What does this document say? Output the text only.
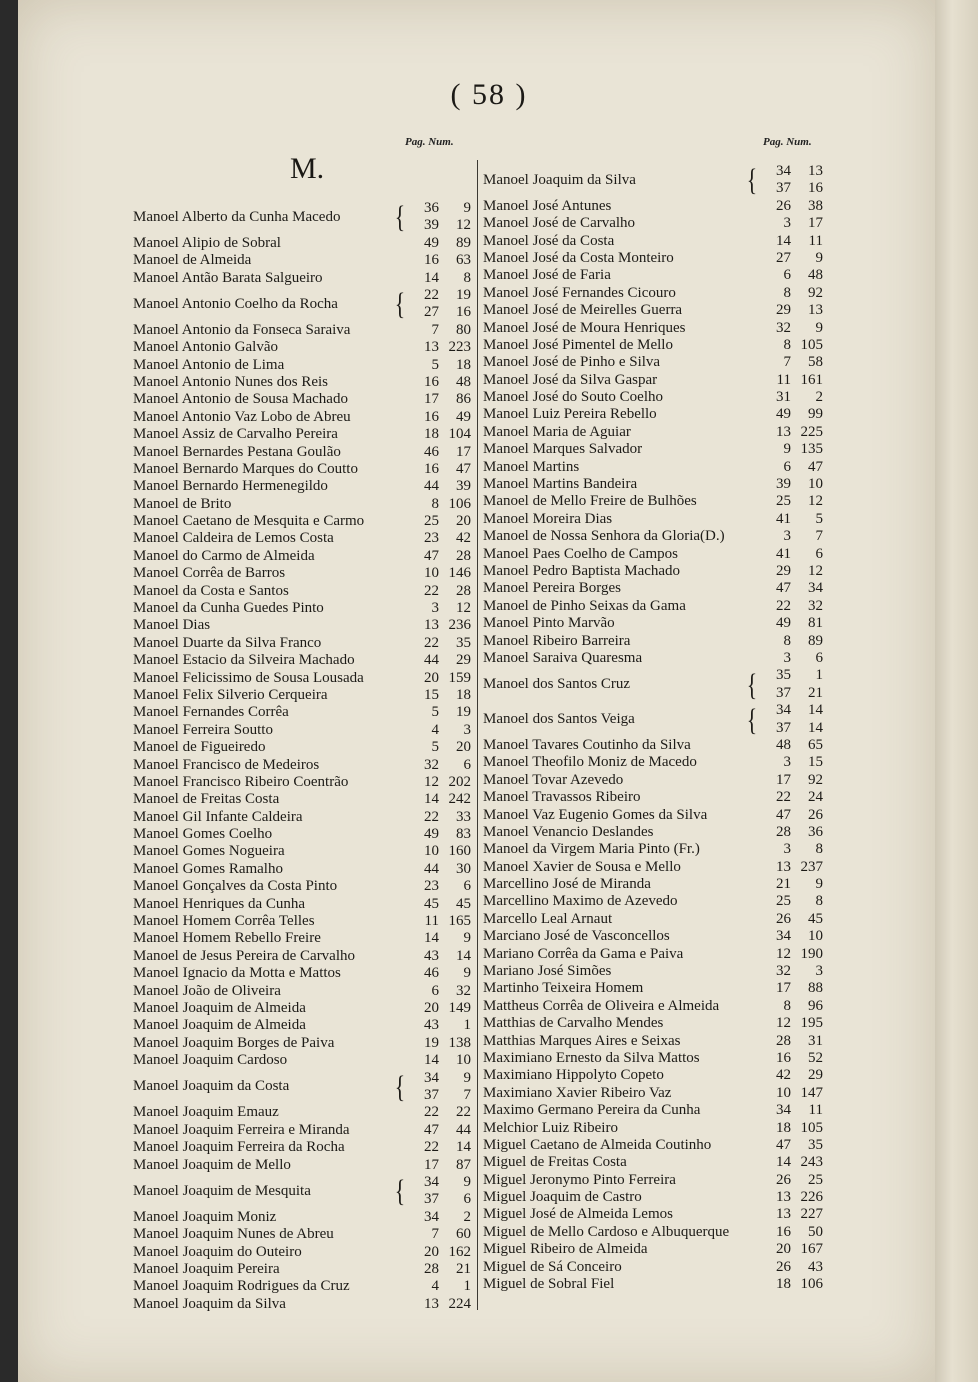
( 58 )
Pag. Num.	Pag. Num.
M.
Manoel Alberto da Cunha Macedo	{	36	9
39	12
Manoel Alipio de Sobral	49	89
Manoel de Almeida	16	63
Manoel Antão Barata Salgueiro	14	8
Manoel Antonio Coelho da Rocha	{	22	19
27	16
Manoel Antonio da Fonseca Saraiva	7	80
Manoel Antonio Galvão	13 223
Manoel Antonio de Lima	5	18
Manoel Antonio Nunes dos Reis	16	48
Manoel Antonio de Sousa Machado	17	86
Manoel Antonio Vaz Lobo de Abreu	16	49
Manoel Assiz de Carvalho Pereira	18 104
Manoel Bernardes Pestana Goulão	46	17
Manoel Bernardo Marques do Coutto	16	47
Manoel Bernardo Hermenegildo	44	39
Manoel de Brito	8 106
Manoel Caetano de Mesquita e Carmo	25	20
Manoel Caldeira de Lemos Costa	23	42
Manoel do Carmo de Almeida	47	28
Manoel Corrêa de Barros	10 146
Manoel da Costa e Santos	22	28
Manoel da Cunha Guedes Pinto	3	12
Manoel Dias	13 236
Manoel Duarte da Silva Franco	22	35
Manoel Estacio da Silveira Machado	44	29
Manoel Felicissimo de Sousa Lousada	20 159
Manoel Felix Silverio Cerqueira	15	18
Manoel Fernandes Corrêa	5	19
Manoel Ferreira Soutto	4	3
Manoel de Figueiredo	5	20
Manoel Francisco de Medeiros	32	6
Manoel Francisco Ribeiro Coentrão	12 202
Manoel de Freitas Costa	14 242
Manoel Gil Infante Caldeira	22	33
Manoel Gomes Coelho	49	83
Manoel Gomes Nogueira	10 160
Manoel Gomes Ramalho	44	30
Manoel Gonçalves da Costa Pinto	23	6
Manoel Henriques da Cunha	45	45
Manoel Homem Corrêa Telles	11 165
Manoel Homem Rebello Freire	14	9
Manoel de Jesus Pereira de Carvalho	43	14
Manoel Ignacio da Motta e Mattos	46	9
Manoel João de Oliveira	6	32
Manoel Joaquim de Almeida	20 149
Manoel Joaquim de Almeida	43	1
Manoel Joaquim Borges de Paiva	19 138
Manoel Joaquim Cardoso	14	10
Manoel Joaquim da Costa	{	34	9
37	7
Manoel Joaquim Emauz	22	22
Manoel Joaquim Ferreira e Miranda	47	44
Manoel Joaquim Ferreira da Rocha	22	14
Manoel Joaquim de Mello	17	87
Manoel Joaquim de Mesquita	{	34	9
37	6
Manoel Joaquim Moniz	34	2
Manoel Joaquim Nunes de Abreu	7	60
Manoel Joaquim do Outeiro	20 162
Manoel Joaquim Pereira	28	21
Manoel Joaquim Rodrigues da Cruz	4	1
Manoel Joaquim da Silva	13 224
Manoel Joaquim da Silva	{	34	13
37	16
Manoel José Antunes	26	38
Manoel José de Carvalho	3	17
Manoel José da Costa	14	11
Manoel José da Costa Monteiro	27	9
Manoel José de Faria	6	48
Manoel José Fernandes Cicouro	8	92
Manoel José de Meirelles Guerra	29	13
Manoel José de Moura Henriques	32	9
Manoel José Pimentel de Mello	8 105
Manoel José de Pinho e Silva	7	58
Manoel José da Silva Gaspar	11 161
Manoel José do Souto Coelho	31	2
Manoel Luiz Pereira Rebello	49	99
Manoel Maria de Aguiar	13 225
Manoel Marques Salvador	9 135
Manoel Martins	6	47
Manoel Martins Bandeira	39	10
Manoel de Mello Freire de Bulhões	25	12
Manoel Moreira Dias	41	5
Manoel de Nossa Senhora da Gloria(D.)	3	7
Manoel Paes Coelho de Campos	41	6
Manoel Pedro Baptista Machado	29	12
Manoel Pereira Borges	47	34
Manoel de Pinho Seixas da Gama	22	32
Manoel Pinto Marvão	49	81
Manoel Ribeiro Barreira	8	89
Manoel Saraiva Quaresma	3	6
Manoel dos Santos Cruz	{	35	1
37	21
Manoel dos Santos Veiga	{	34	14
37	14
Manoel Tavares Coutinho da Silva	48	65
Manoel Theofilo Moniz de Macedo	3	15
Manoel Tovar Azevedo	17	92
Manoel Travassos Ribeiro	22	24
Manoel Vaz Eugenio Gomes da Silva	47	26
Manoel Venancio Deslandes	28	36
Manoel da Virgem Maria Pinto (Fr.)	3	8
Manoel Xavier de Sousa e Mello	13 237
Marcellino José de Miranda	21	9
Marcellino Maximo de Azevedo	25	8
Marcello Leal Arnaut	26	45
Marciano José de Vasconcellos	34	10
Mariano Corrêa da Gama e Paiva	12 190
Mariano José Simões	32	3
Martinho Teixeira Homem	17	88
Mattheus Corrêa de Oliveira e Almeida	8	96
Matthias de Carvalho Mendes	12 195
Matthias Marques Aires e Seixas	28	31
Maximiano Ernesto da Silva Mattos	16	52
Maximiano Hippolyto Copeto	42	29
Maximiano Xavier Ribeiro Vaz	10 147
Maximo Germano Pereira da Cunha	34	11
Melchior Luiz Ribeiro	18 105
Miguel Caetano de Almeida Coutinho	47	35
Miguel de Freitas Costa	14 243
Miguel Jeronymo Pinto Ferreira	26	25
Miguel Joaquim de Castro	13 226
Miguel José de Almeida Lemos	13 227
Miguel de Mello Cardoso e Albuquerque	16	50
Miguel Ribeiro de Almeida	20 167
Miguel de Sá Conceiro	26	43
Miguel de Sobral Fiel	18 106
